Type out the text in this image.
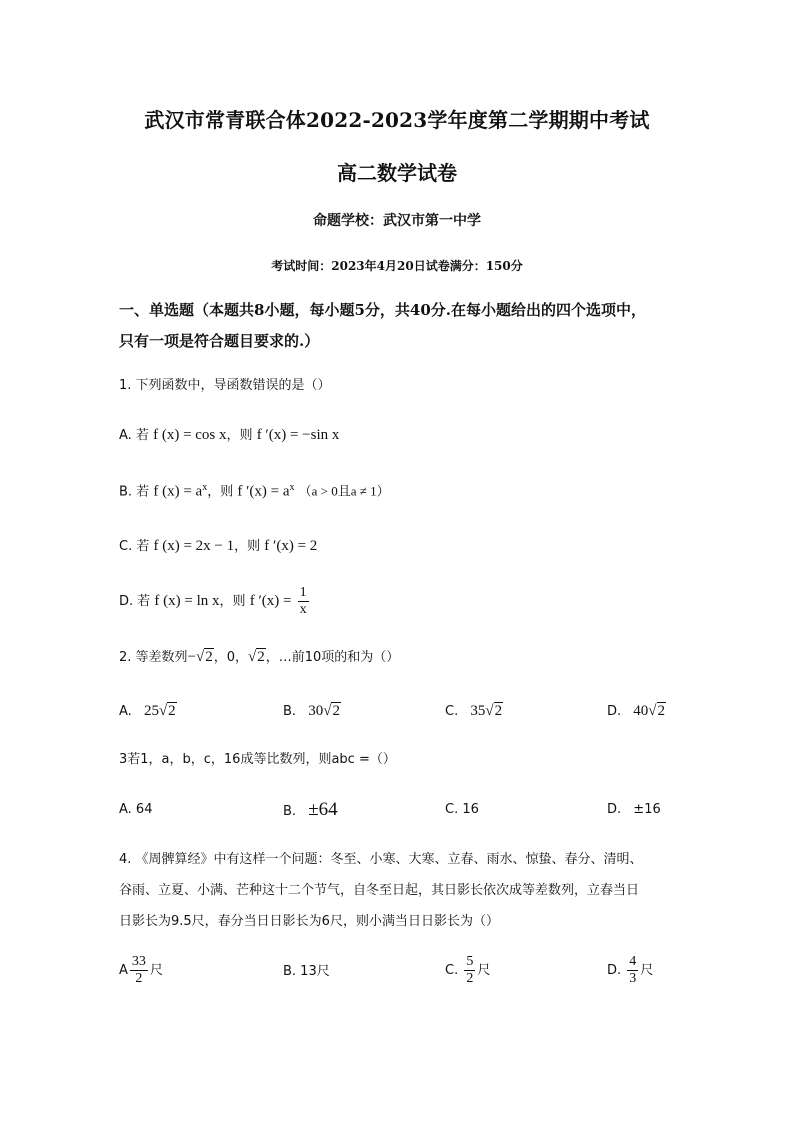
武汉市常青联合体2022-2023学年度第二学期期中考试
高二数学试卷
命题学校：武汉市第一中学
考试时间：2023年4月20日试卷满分：150分
一、单选题（本题共8小题，每小题5分，共40分.在每小题给出的四个选项中，
只有一项是符合题目要求的.）
1. 下列函数中，导函数错误的是（）
A. 若 f (x) = cos x，则 f ′(x) = −sin x
B. 若 f $(x) = a^x$，则 f $'(x) = a^x$ （a > 0且a ≠ 1）
C. 若 f (x) = 2x − 1，则 f ′(x) = 2
D. 若 f (x) = ln x，则 f $'(x) = \frac{1}{x}$
2. 等差数列−√2，0，√2，…前10项的和为（）
A. 25√2	B. 30√2	C. 35√2	D. 40√2
3若1，a，b，c，16成等比数列，则abc =（）
A. 64	B. ±64	C. 16	D. ±16
4. 《周髀算经》中有这样一个问题：冬至、小寒、大寒、立春、雨水、惊蛰、春分、清明、
谷雨、立夏、小满、芒种这十二个节气，自冬至日起，其日影长依次成等差数列，立春当日
日影长为9.5尺，春分当日日影长为6尺，则小满当日日影长为（）
A $\frac{33}{2}$ 尺	B. 13尺	C. $\frac{5}{2}$ 尺	D. $\frac{4}{3}$ 尺
